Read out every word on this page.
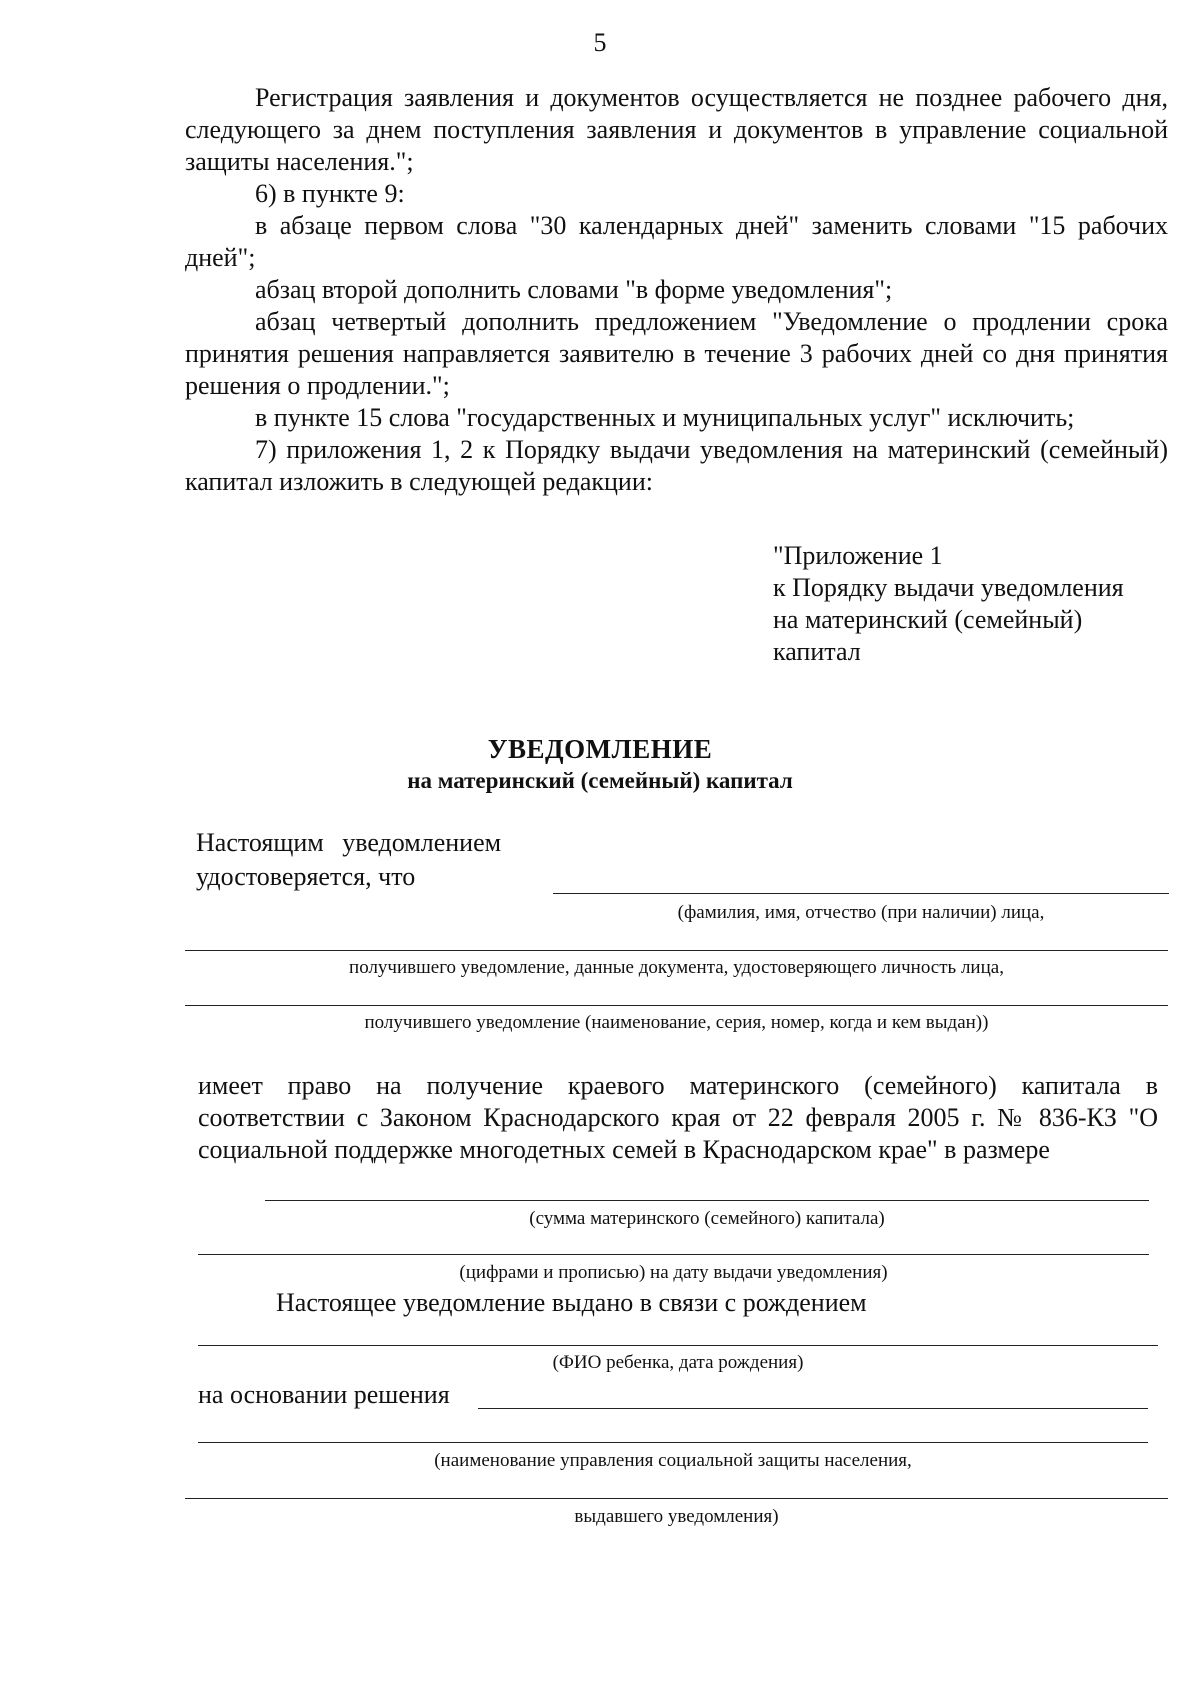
5

Регистрация заявления и документов осуществляется не позднее рабочего дня, следующего за днем поступления заявления и документов в управление социальной защиты населения.";

6) в пункте 9:

в абзаце первом слова "30 календарных дней" заменить словами "15 рабочих дней";

абзац второй дополнить словами "в форме уведомления";

абзац четвертый дополнить предложением "Уведомление о продлении срока принятия решения направляется заявителю в течение 3 рабочих дней со дня принятия решения о продлении.";

в пункте 15 слова "государственных и муниципальных услуг" исключить;

7) приложения 1, 2 к Порядку выдачи уведомления на материнский (семейный) капитал изложить в следующей редакции:

"Приложение 1
к Порядку выдачи уведомления
на материнский (семейный)
капитал
УВЕДОМЛЕНИЕ
на материнский (семейный) капитал
Настоящим уведомлением
удостоверяется, что
(фамилия, имя, отчество (при наличии) лица,
получившего уведомление, данные документа, удостоверяющего личность лица,
получившего уведомление (наименование, серия, номер, когда и кем выдан))
имеет право на получение краевого материнского (семейного) капитала в соответствии с Законом Краснодарского края от 22 февраля 2005 г. № 836-КЗ "О социальной поддержке многодетных семей в Краснодарском крае" в размере
(сумма материнского (семейного) капитала)
(цифрами и прописью) на дату выдачи уведомления)
Настоящее уведомление выдано в связи с рождением
(ФИО ребенка, дата рождения)
на основании решения
(наименование управления социальной защиты населения,
выдавшего уведомления)
